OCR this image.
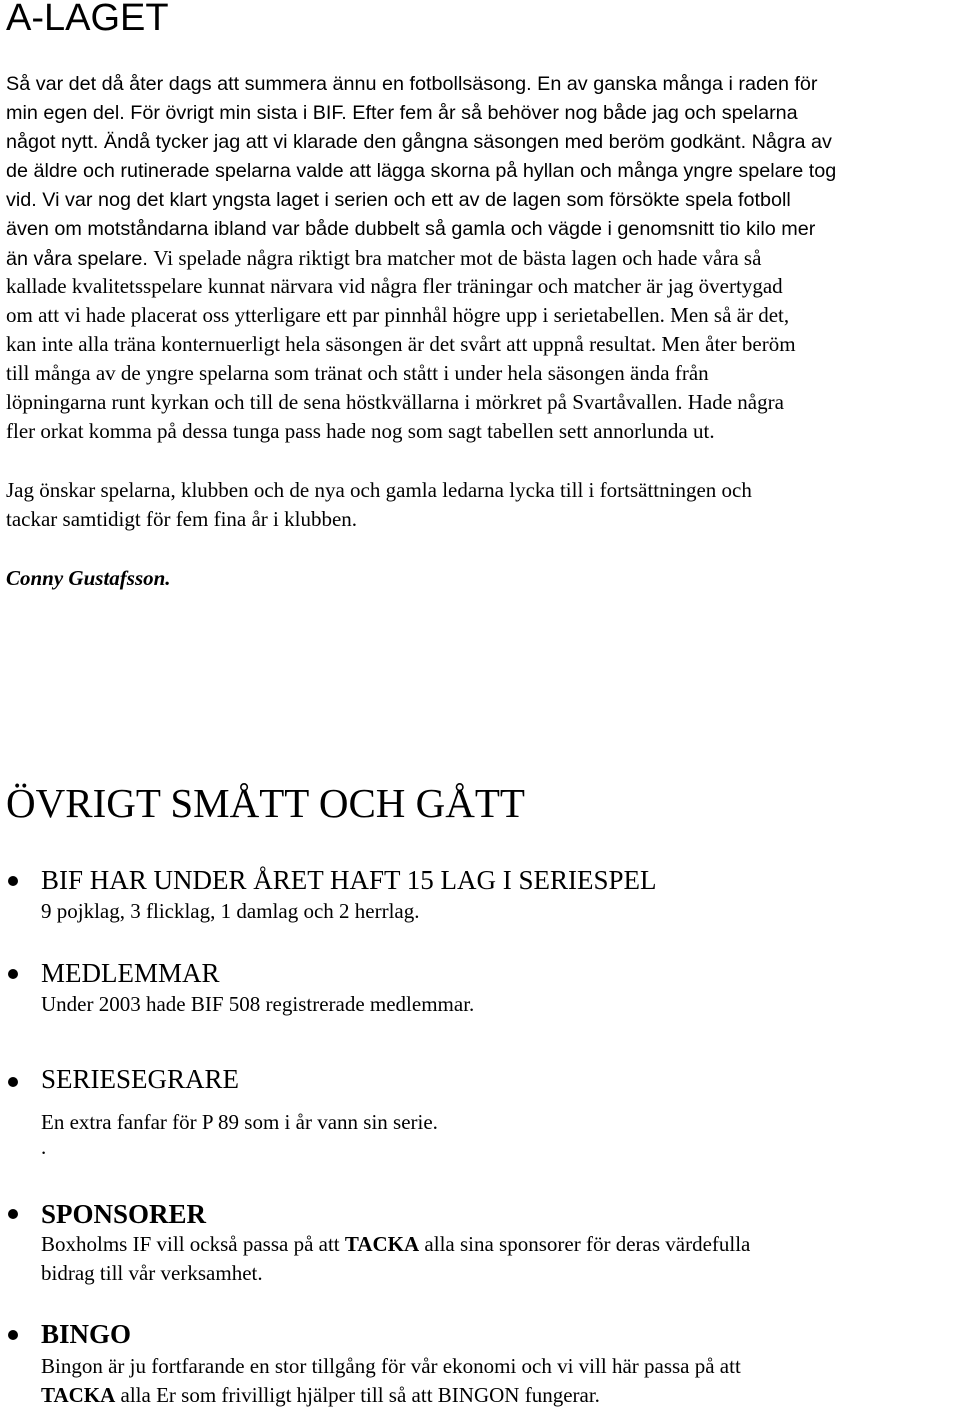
A-LAGET

Så var det då åter dags att summera ännu en fotbollsäsong. En av ganska många i raden för
min egen del. För övrigt min sista i BIF. Efter fem år så behöver nog både jag och spelarna
något nytt. Ändå tycker jag att vi klarade den gångna säsongen med beröm godkänt. Några av
de äldre och rutinerade spelarna valde att lägga skorna på hyllan och många yngre spelare tog
vid. Vi var nog det klart yngsta laget i serien och ett av de lagen som försökte spela fotboll
även om motståndarna ibland var både dubbelt så gamla och vägde i genomsnitt tio kilo mer
än våra spelare. Vi spelade några riktigt bra matcher mot de bästa lagen och hade våra så

kallade kvalitetsspelare kunnat närvara vid några fler träningar och matcher är jag övertygad
om att vi hade placerat oss ytterligare ett par pinnhål högre upp i serietabellen. Men så är det,
kan inte alla träna konternuerligt hela säsongen är det svårt att uppnå resultat. Men åter beröm
till många av de yngre spelarna som tränat och stått i under hela säsongen ända från
löpningarna runt kyrkan och till de sena höstkvällarna i mörkret på Svartåvallen. Hade några
fler orkat komma på dessa tunga pass hade nog som sagt tabellen sett annorlunda ut.

Jag önskar spelarna, klubben och de nya och gamla ledarna lycka till i fortsättningen och
tackar samtidigt för fem fina år i klubben.

Conny Gustafsson.

ÖVRIGT SMÅTT OCH GÅTT

BIF HAR UNDER ÅRET HAFT 15 LAG I SERIESPEL

9 pojklag, 3 flicklag, 1 damlag och 2 herrlag.

MEDLEMMAR

Under 2003 hade BIF 508 registrerade medlemmar.

SERIESEGRARE

En extra fanfar för P 89 som i år vann sin serie.

.

SPONSORER

Boxholms IF vill också passa på att TACKA alla sina sponsorer för deras värdefulla
bidrag till vår verksamhet.

BINGO

Bingon är ju fortfarande en stor tillgång för vår ekonomi och vi vill här passa på att
TACKA alla Er som frivilligt hjälper till så att BINGON fungerar.
